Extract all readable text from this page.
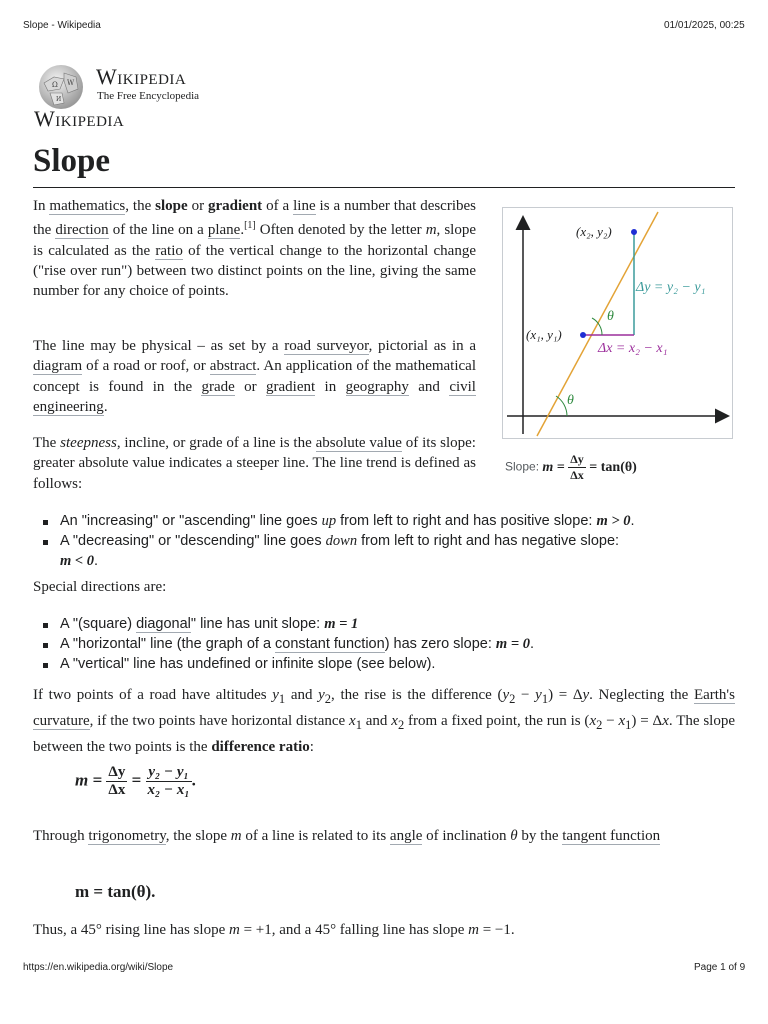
Slope - Wikipedia	01/01/2025, 00:25
Ω W
И
Wikipedia
The Free Encyclopedia
Wikipedia
Slope

In mathematics, the slope or gradient of a line is a number that describes the direction of the line on a plane.[1] Often denoted by the letter m, slope is calculated as the ratio of the vertical change to the horizontal change ("rise over run") between two distinct points on the line, giving the same number for any choice of points.

The line may be physical – as set by a road surveyor, pictorial as in a diagram of a road or roof, or abstract. An application of the mathematical concept is found in the grade or gradient in geography and civil engineering.

The steepness, incline, or grade of a line is the absolute value of its slope: greater absolute value indicates a steeper line. The line trend is defined as follows:

(x₂, y₂)
(x₁, y₁)
Δy = y₂ − y₁
Δx = x₂ − x₁
θ
θ
Slope: $m = \frac{\Delta y}{\Delta x} = \tan(\theta)$
An "increasing" or "ascending" line goes up from left to right and has positive slope: m > 0.
A "decreasing" or "descending" line goes down from left to right and has negative slope:
m < 0.

Special directions are:

A "(square) diagonal" line has unit slope: m = 1
A "horizontal" line (the graph of a constant function) has zero slope: m = 0.
A "vertical" line has undefined or infinite slope (see below).

If two points of a road have altitudes $y_1$ and $y_2$, the rise is the difference $(y_2 - y_1) = \Delta y$. Neglecting the Earth's curvature, if the two points have horizontal distance $x_1$ and $x_2$ from a fixed point, the run is $(x_2 - x_1) = \Delta x$. The slope between the two points is the difference ratio:

$m = \frac{\Delta y}{\Delta x} = \frac{\text{y₂ − y₁}}{\text{x₂ − x₁}}$ .

Through trigonometry, the slope m of a line is related to its angle of inclination θ by the tangent function

m = tan(θ).

Thus, a 45° rising line has slope m = +1, and a 45° falling line has slope m = −1.

https://en.wikipedia.org/wiki/Slope	Page 1 of 9
